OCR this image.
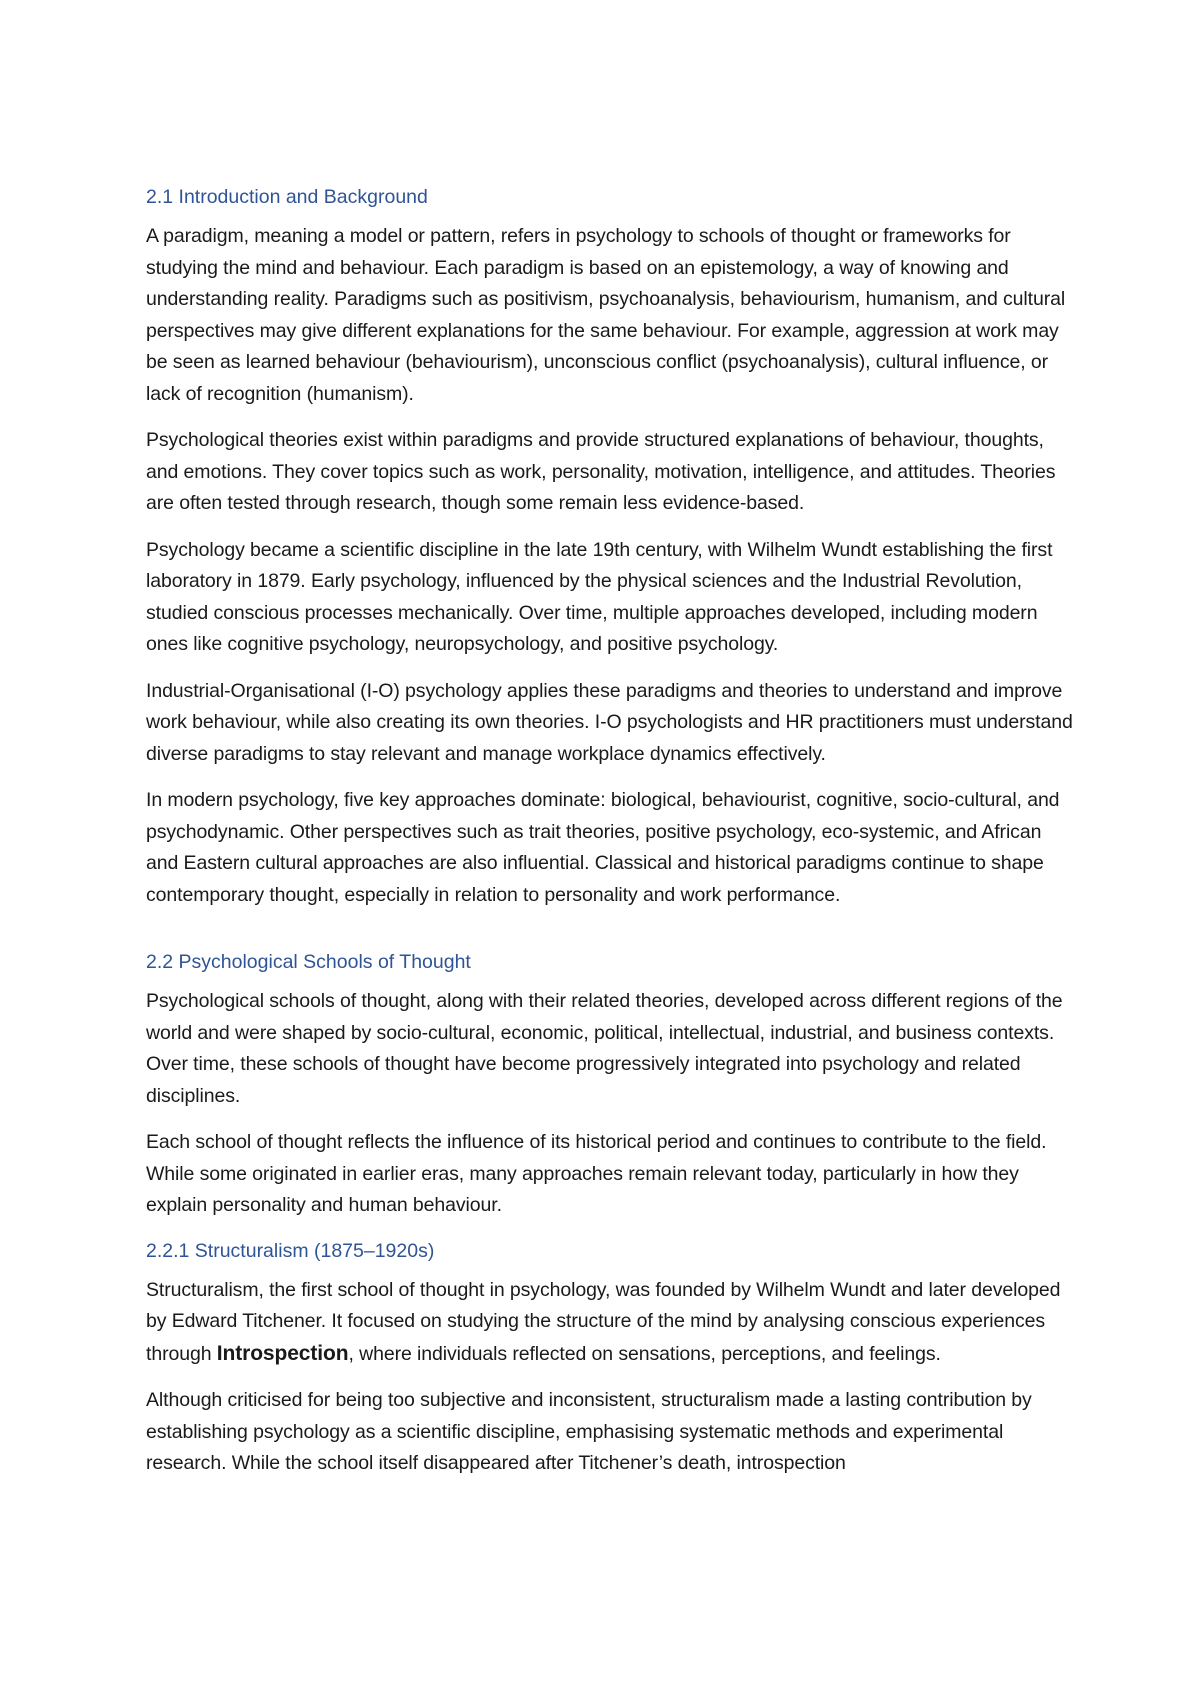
2.1 Introduction and Background

A paradigm, meaning a model or pattern, refers in psychology to schools of thought or frameworks for studying the mind and behaviour. Each paradigm is based on an epistemology, a way of knowing and understanding reality. Paradigms such as positivism, psychoanalysis, behaviourism, humanism, and cultural perspectives may give different explanations for the same behaviour. For example, aggression at work may be seen as learned behaviour (behaviourism), unconscious conflict (psychoanalysis), cultural influence, or lack of recognition (humanism).

Psychological theories exist within paradigms and provide structured explanations of behaviour, thoughts, and emotions. They cover topics such as work, personality, motivation, intelligence, and attitudes. Theories are often tested through research, though some remain less evidence-based.

Psychology became a scientific discipline in the late 19th century, with Wilhelm Wundt establishing the first laboratory in 1879. Early psychology, influenced by the physical sciences and the Industrial Revolution, studied conscious processes mechanically. Over time, multiple approaches developed, including modern ones like cognitive psychology, neuropsychology, and positive psychology.

Industrial-Organisational (I-O) psychology applies these paradigms and theories to understand and improve work behaviour, while also creating its own theories. I-O psychologists and HR practitioners must understand diverse paradigms to stay relevant and manage workplace dynamics effectively.

In modern psychology, five key approaches dominate: biological, behaviourist, cognitive, socio-cultural, and psychodynamic. Other perspectives such as trait theories, positive psychology, eco-systemic, and African and Eastern cultural approaches are also influential. Classical and historical paradigms continue to shape contemporary thought, especially in relation to personality and work performance.

2.2 Psychological Schools of Thought

Psychological schools of thought, along with their related theories, developed across different regions of the world and were shaped by socio-cultural, economic, political, intellectual, industrial, and business contexts. Over time, these schools of thought have become progressively integrated into psychology and related disciplines.

Each school of thought reflects the influence of its historical period and continues to contribute to the field. While some originated in earlier eras, many approaches remain relevant today, particularly in how they explain personality and human behaviour.

2.2.1 Structuralism (1875–1920s)

Structuralism, the first school of thought in psychology, was founded by Wilhelm Wundt and later developed by Edward Titchener. It focused on studying the structure of the mind by analysing conscious experiences through Introspection, where individuals reflected on sensations, perceptions, and feelings.

Although criticised for being too subjective and inconsistent, structuralism made a lasting contribution by establishing psychology as a scientific discipline, emphasising systematic methods and experimental research. While the school itself disappeared after Titchener’s death, introspection
